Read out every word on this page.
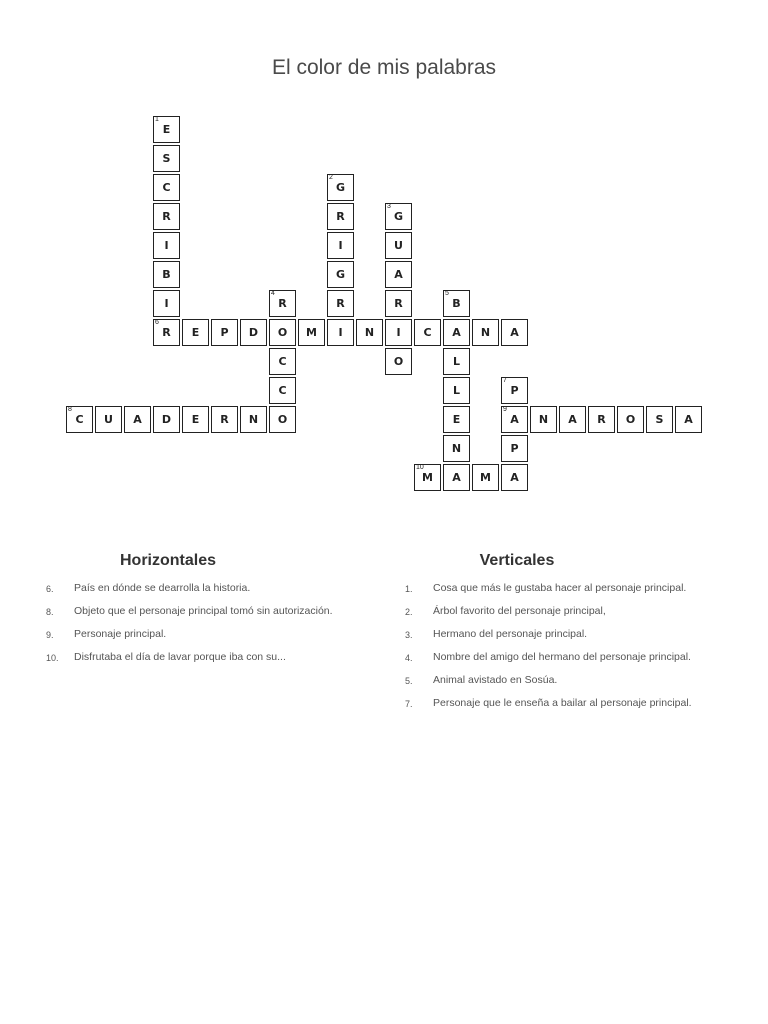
El color de mis palabras
1
E
S
C
R
I
B
I
6
R E P D O M I N I C A N A
2
G
R
I
G
R
3
G
U
A
R
O
4
R
C
C
5
B
L
L
E
N
8
C U A D E R N O
7
P
9
A N A R O S A
P
10
M A M A
Horizontales
6. País en dónde se dearrolla la historia.
8. Objeto que el personaje principal tomó sin autorización.
9. Personaje principal.
10. Disfrutaba el día de lavar porque iba con su...
Verticales
1. Cosa que más le gustaba hacer al personaje principal.
2. Árbol favorito del personaje principal,
3. Hermano del personaje principal.
4. Nombre del amigo del hermano del personaje principal.
5. Animal avistado en Sosúa.
7. Personaje que le enseña a bailar al personaje principal.
